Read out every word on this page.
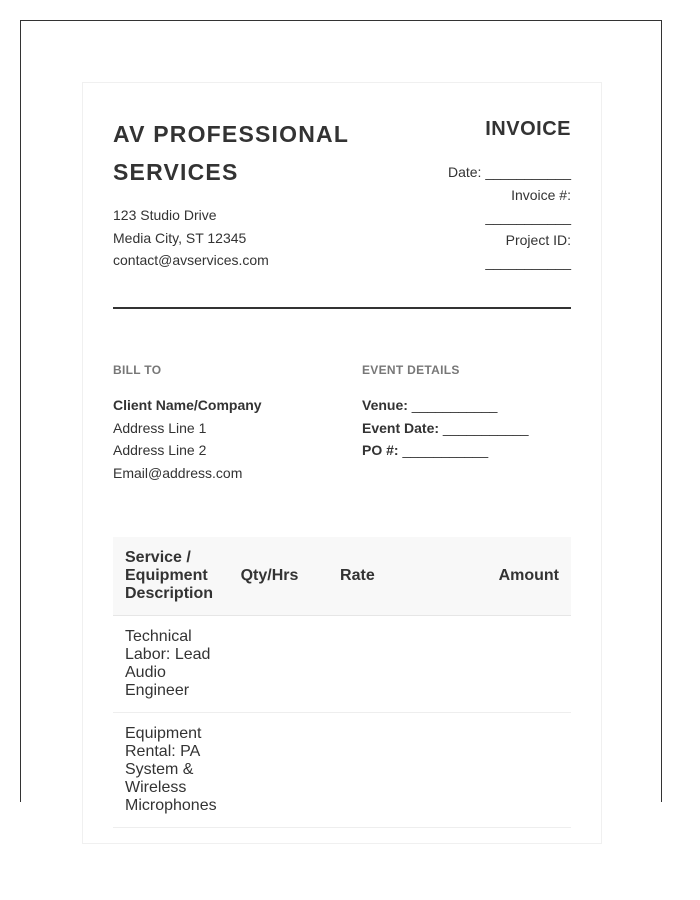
AV PROFESSIONAL SERVICES
123 Studio Drive
Media City, ST 12345
contact@avservices.com
INVOICE
Date: ___________
Invoice #: ___________
Project ID: ___________
BILL TO	EVENT DETAILS
Client Name/Company
Address Line 1
Address Line 2
Email@address.com
Venue: ___________
Event Date: ___________
PO #: ___________
Service / Equipment Description	Qty/Hrs	Rate	Amount
Technical Labor: Lead Audio Engineer			
Equipment Rental: PA System & Wireless Microphones			
